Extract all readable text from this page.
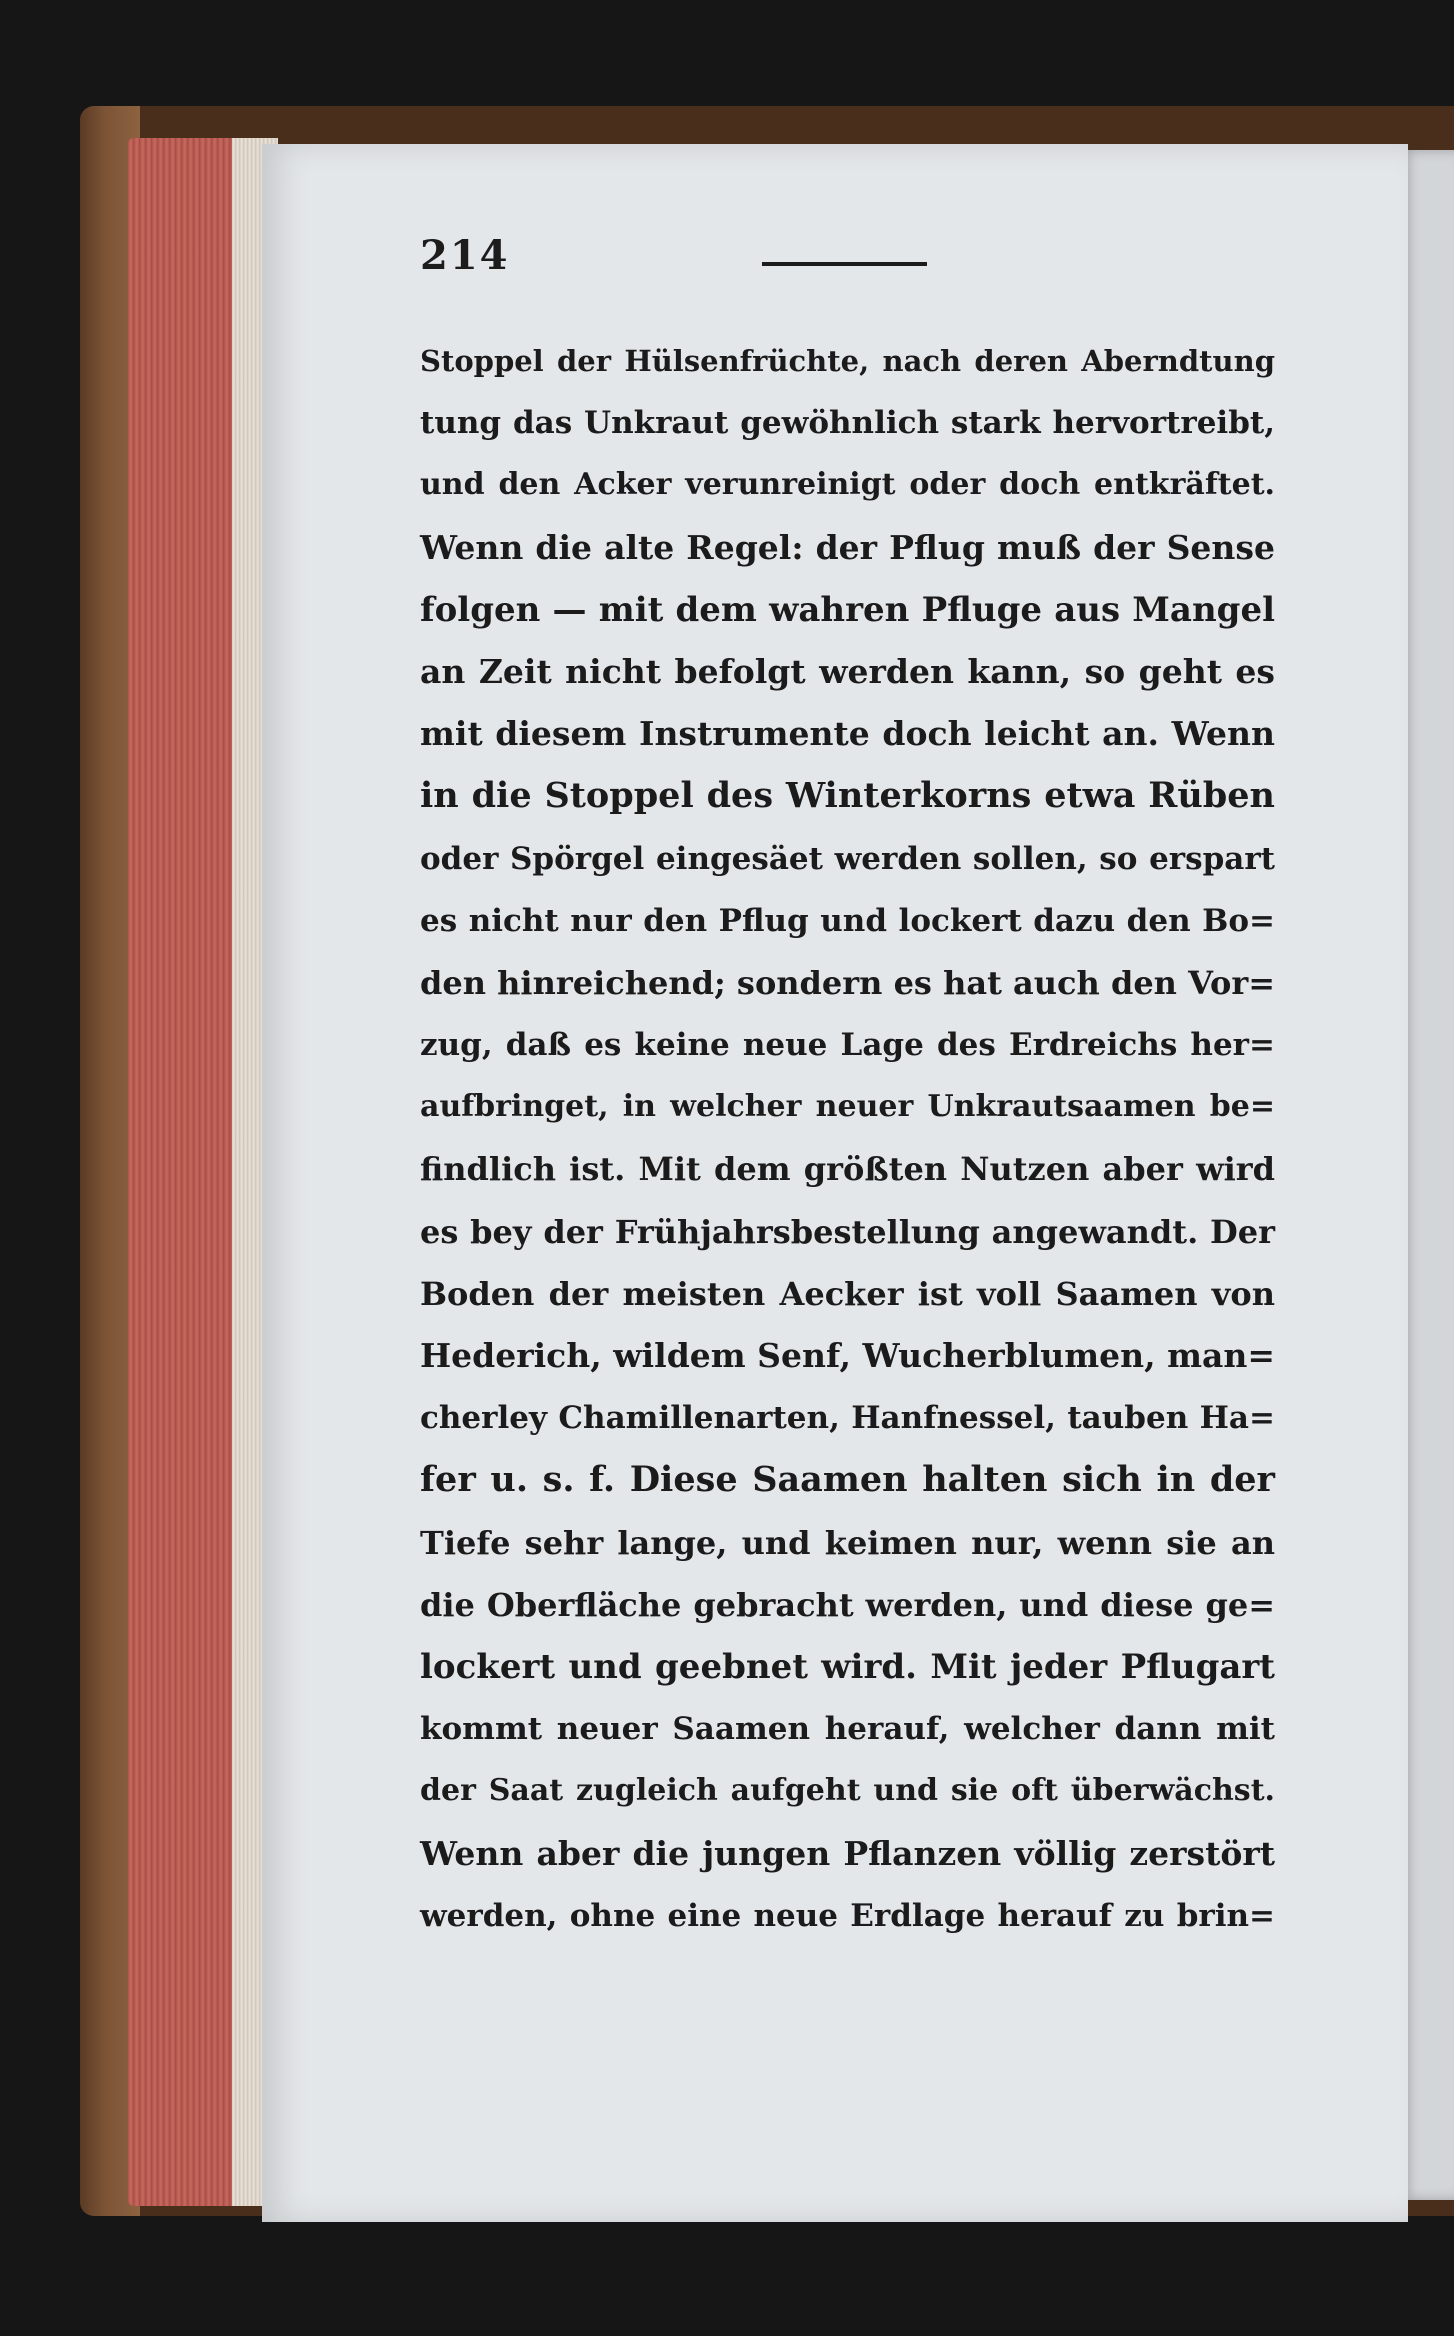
214
Stoppel der Hülsenfrüchte, nach deren Aberndtung
tung das Unkraut gewöhnlich stark hervortreibt,
und den Acker verunreinigt oder doch entkräftet.
Wenn die alte Regel: der Pflug muß der Sense
folgen — mit dem wahren Pfluge aus Mangel
an Zeit nicht befolgt werden kann, so geht es
mit diesem Instrumente doch leicht an. Wenn
in die Stoppel des Winterkorns etwa Rüben
oder Spörgel eingesäet werden sollen, so erspart
es nicht nur den Pflug und lockert dazu den Bo=
den hinreichend; sondern es hat auch den Vor=
zug, daß es keine neue Lage des Erdreichs her=
aufbringet, in welcher neuer Unkrautsaamen be=
findlich ist. Mit dem größten Nutzen aber wird
es bey der Frühjahrsbestellung angewandt. Der
Boden der meisten Aecker ist voll Saamen von
Hederich, wildem Senf, Wucherblumen, man=
cherley Chamillenarten, Hanfnessel, tauben Ha=
fer u. s. f. Diese Saamen halten sich in der
Tiefe sehr lange, und keimen nur, wenn sie an
die Oberfläche gebracht werden, und diese ge=
lockert und geebnet wird. Mit jeder Pflugart
kommt neuer Saamen herauf, welcher dann mit
der Saat zugleich aufgeht und sie oft überwächst.
Wenn aber die jungen Pflanzen völlig zerstört
werden, ohne eine neue Erdlage herauf zu brin=
